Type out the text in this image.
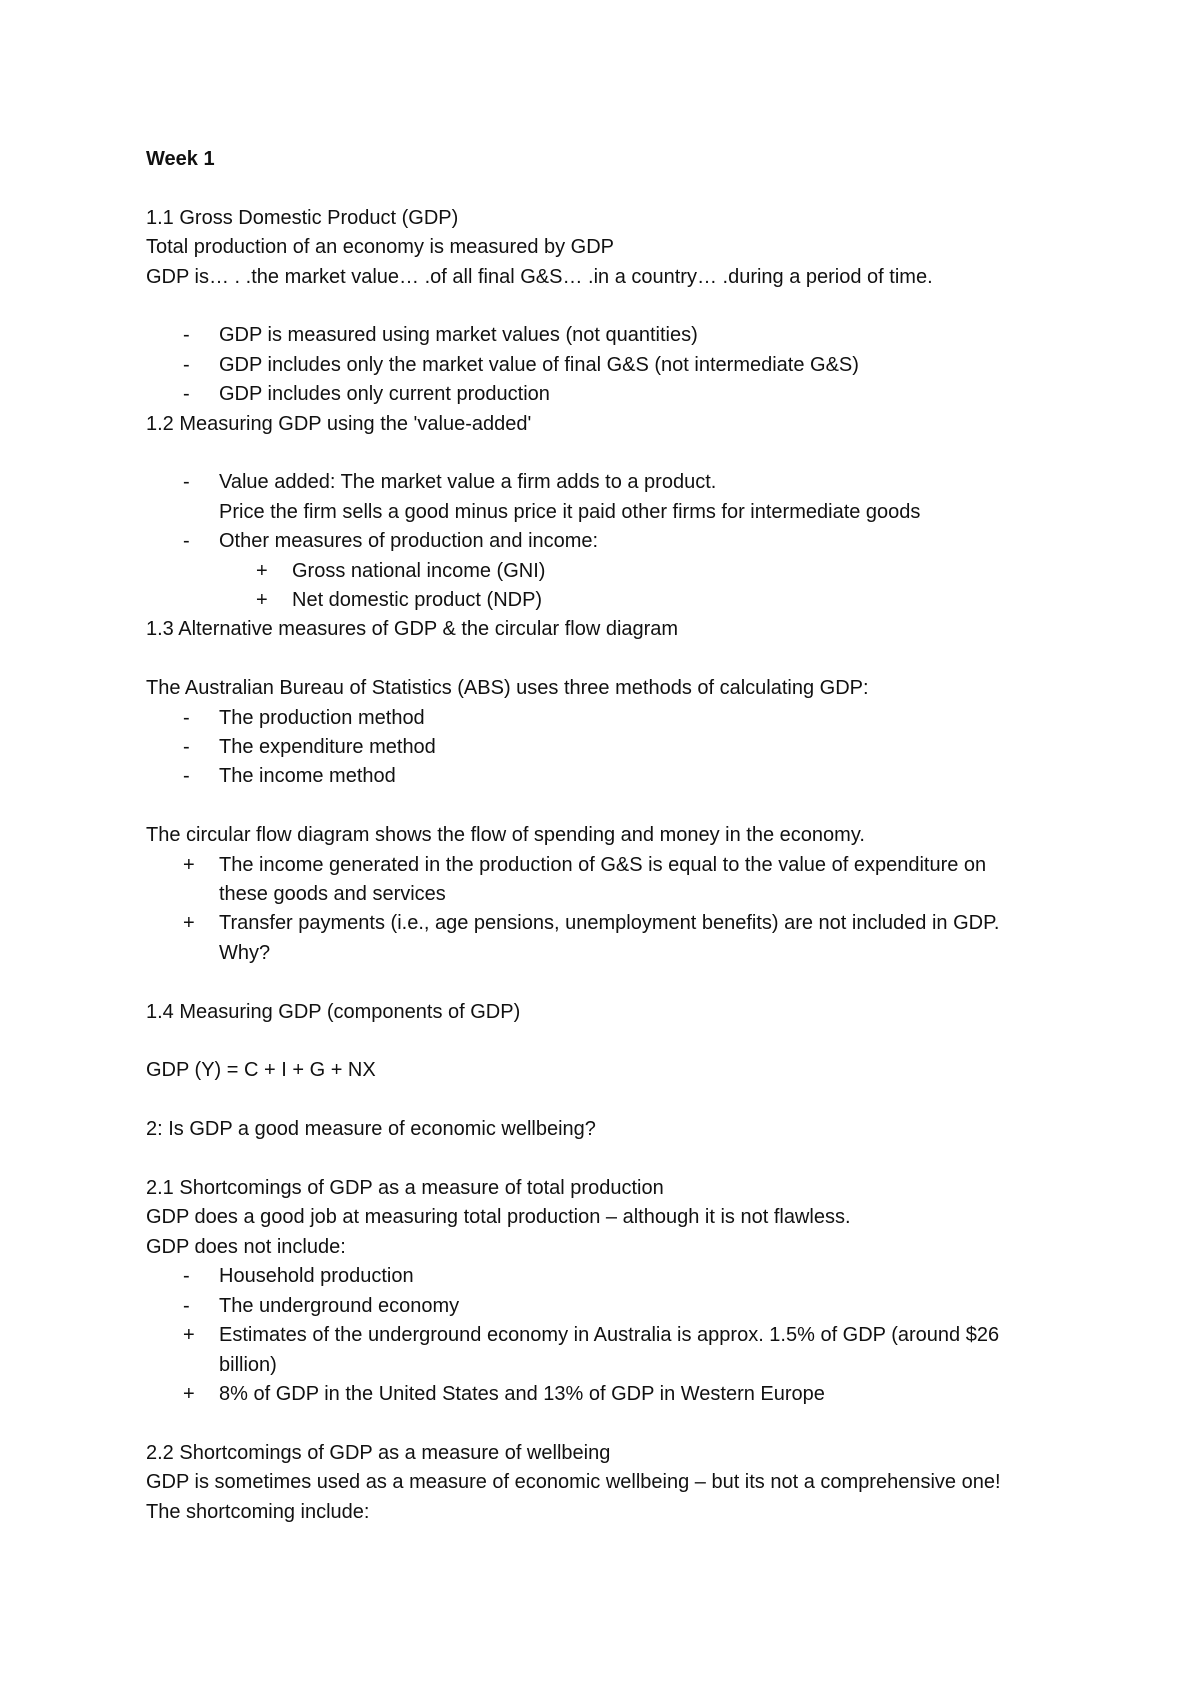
Week 1

1.1 Gross Domestic Product (GDP)

Total production of an economy is measured by GDP

GDP is… . .the market value… .of all final G&S… .in a country… .during a period of time.

-	GDP is measured using market values (not quantities)
-	GDP includes only the market value of final G&S (not intermediate G&S)
-	GDP includes only current production

1.2 Measuring GDP using the 'value-added'

-	Value added: The market value a firm adds to a product.

Price the firm sells a good minus price it paid other firms for intermediate goods

-	Other measures of production and income:
+	Gross national income (GNI)
+	Net domestic product (NDP)

1.3 Alternative measures of GDP & the circular flow diagram

The Australian Bureau of Statistics (ABS) uses three methods of calculating GDP:

-	The production method
-	The expenditure method
-	The income method

The circular flow diagram shows the flow of spending and money in the economy.

+	The income generated in the production of G&S is equal to the value of expenditure on these goods and services
+	Transfer payments (i.e., age pensions, unemployment benefits) are not included in GDP. Why?

1.4 Measuring GDP (components of GDP)

GDP (Y) = C + I + G + NX

2: Is GDP a good measure of economic wellbeing?

2.1 Shortcomings of GDP as a measure of total production

GDP does a good job at measuring total production – although it is not flawless.

GDP does not include:

-	Household production
-	The underground economy
+	Estimates of the underground economy in Australia is approx. 1.5% of GDP (around $26 billion)
+	8% of GDP in the United States and 13% of GDP in Western Europe

2.2 Shortcomings of GDP as a measure of wellbeing

GDP is sometimes used as a measure of economic wellbeing – but its not a comprehensive one!

The shortcoming include:
